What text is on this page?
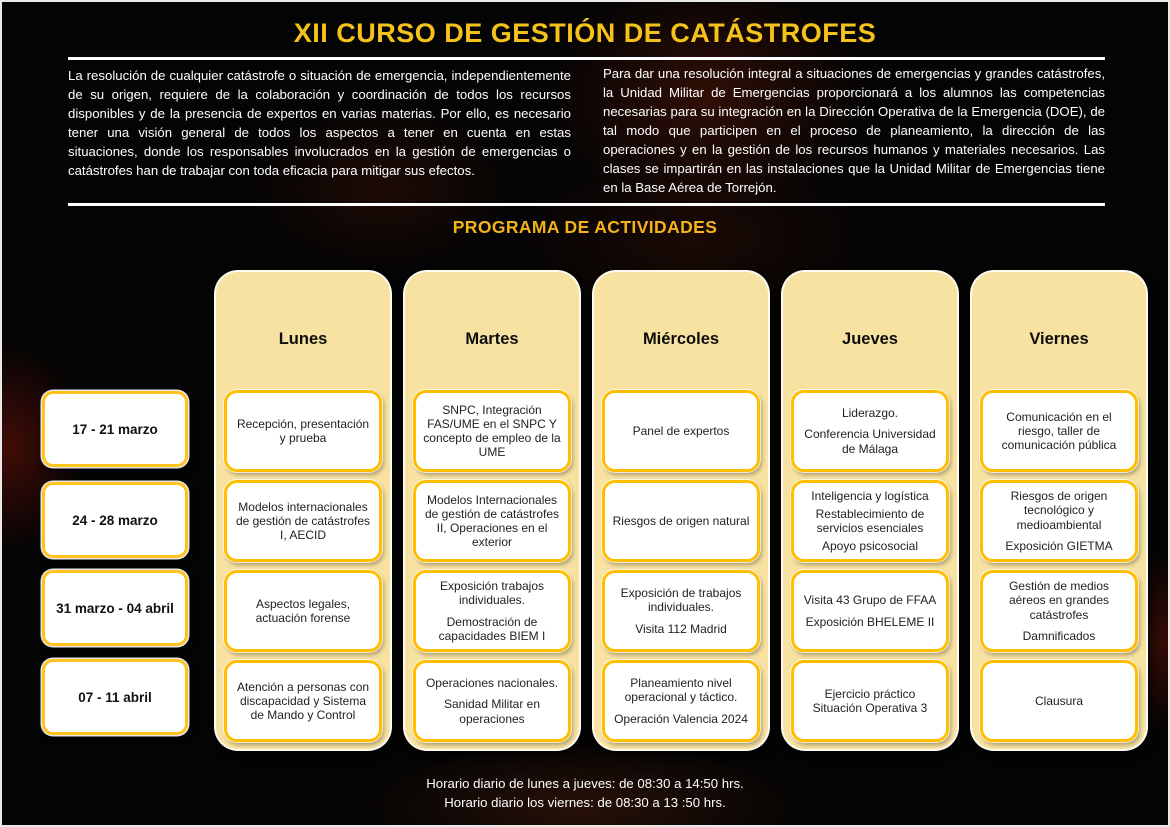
XII CURSO DE GESTIÓN DE CATÁSTROFES
La resolución de cualquier catástrofe o situación de emergencia, independientemente de su origen, requiere de la colaboración y coordinación de todos los recursos disponibles y de la presencia de expertos en varias materias. Por ello, es necesario tener una visión general de todos los aspectos a tener en cuenta en estas situaciones, donde los responsables involucrados en la gestión de emergencias o catástrofes han de trabajar con toda eficacia para mitigar sus efectos.
Para dar una resolución integral a situaciones de emergencias y grandes catástrofes, la Unidad Militar de Emergencias proporcionará a los alumnos las competencias necesarias para su integración en la Dirección Operativa de la Emergencia (DOE), de tal modo que participen en el proceso de planeamiento, la dirección de las operaciones y en la gestión de los recursos humanos y materiales necesarios. Las clases se impartirán en las instalaciones que la Unidad Militar de Emergencias tiene en la Base Aérea de Torrejón.
PROGRAMA DE ACTIVIDADES
17 - 21 marzo
24 - 28 marzo
31 marzo - 04 abril
07 - 11 abril
Lunes
Recepción, presentación y prueba
Modelos internacionales de gestión de catástrofes I, AECID
Aspectos legales, actuación forense
Atención a personas con discapacidad y Sistema de Mando y Control
Martes
SNPC, Integración FAS/UME en el SNPC Y concepto de empleo de la UME
Modelos Internacionales de gestión de catástrofes II, Operaciones en el exterior
Exposición trabajos individuales.
Demostración de capacidades BIEM I
Operaciones nacionales.
Sanidad Militar en operaciones
Miércoles
Panel de expertos
Riesgos de origen natural
Exposición de trabajos individuales.
Visita 112 Madrid
Planeamiento nivel operacional y táctico.
Operación Valencia 2024
Jueves
Liderazgo.
Conferencia Universidad de Málaga
Inteligencia y logística
Restablecimiento de servicios esenciales
Apoyo psicosocial
Visita 43 Grupo de FFAA
Exposición BHELEME II
Ejercicio práctico Situación Operativa 3
Viernes
Comunicación en el riesgo, taller de comunicación pública
Riesgos de origen tecnológico y medioambiental
Exposición GIETMA
Gestión de medios aéreos en grandes catástrofes
Damnificados
Clausura
Horario diario de lunes a jueves: de 08:30 a 14:50 hrs.
Horario diario los viernes: de 08:30 a 13 :50 hrs.
